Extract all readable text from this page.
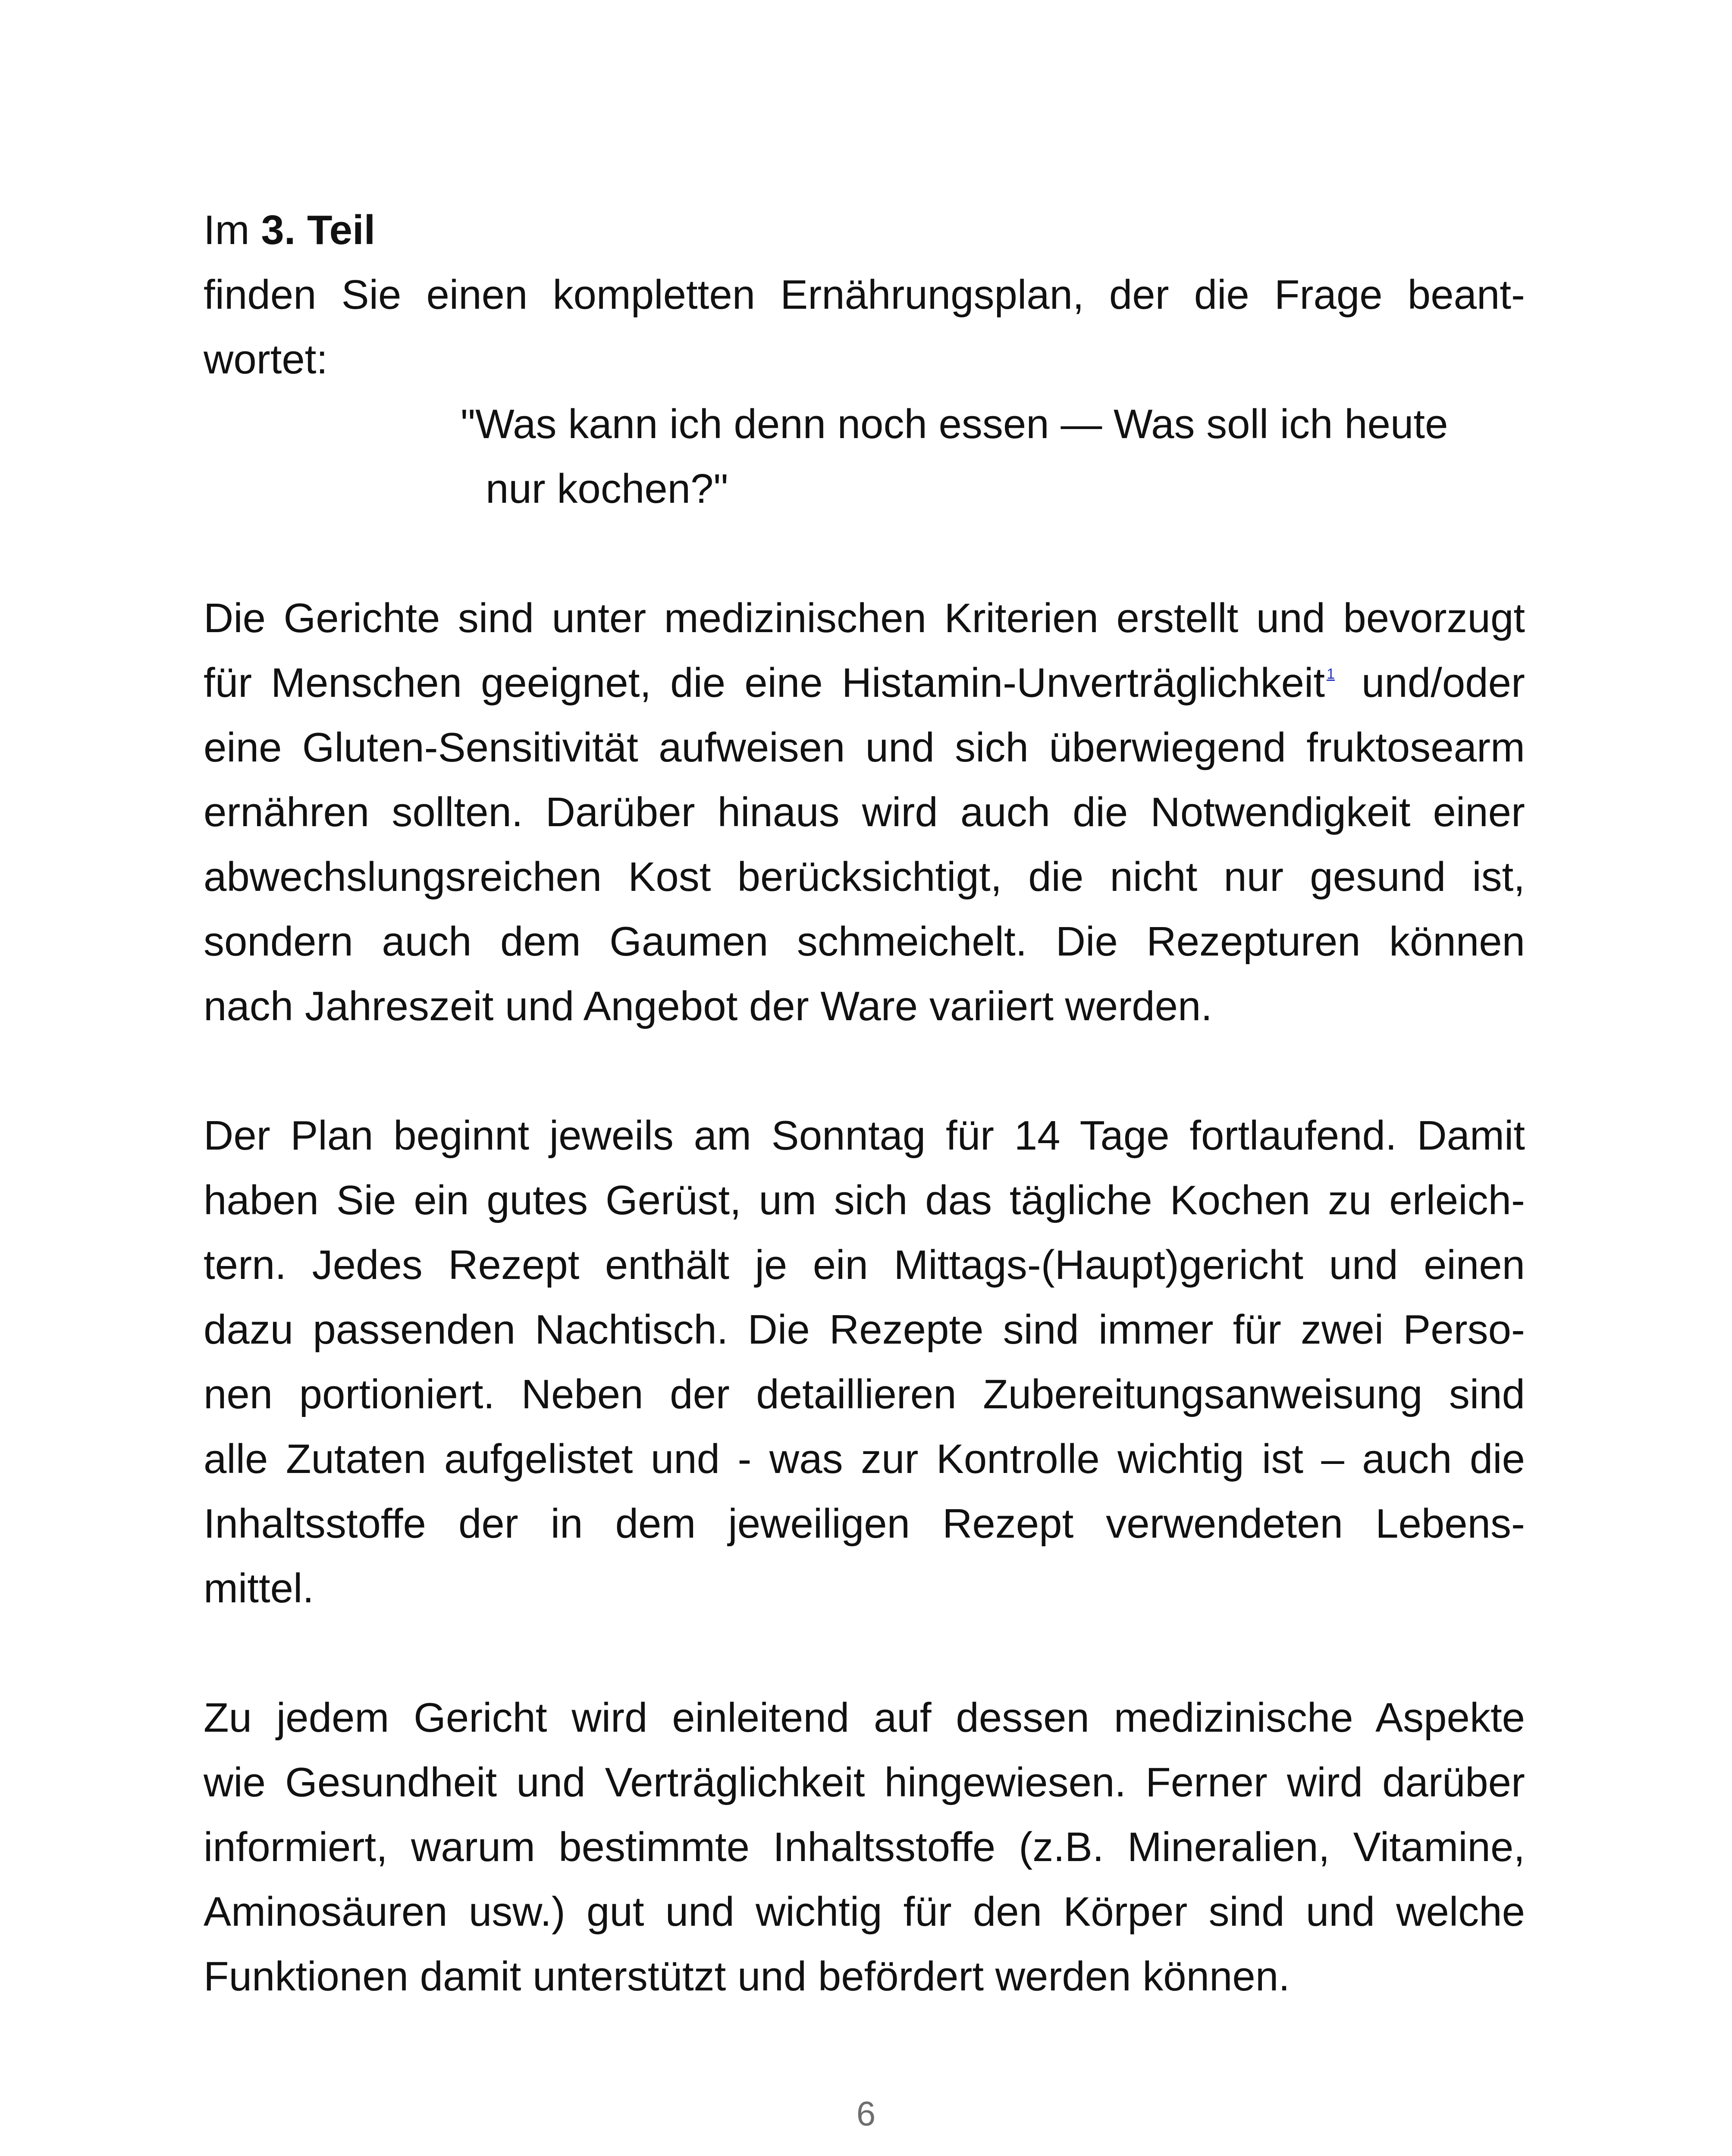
Im 3. Teil
finden Sie einen kompletten Ernährungsplan, der die Frage beant-
wortet:
"Was kann ich denn noch essen — Was soll ich heute
nur kochen?"
Die Gerichte sind unter medizinischen Kriterien erstellt und bevorzugt
für Menschen geeignet, die eine Histamin-Unverträglichkeit $^1$ und/oder
eine Gluten-Sensitivität aufweisen und sich überwiegend fruktosearm
ernähren sollten. Darüber hinaus wird auch die Notwendigkeit einer
abwechslungsreichen Kost berücksichtigt, die nicht nur gesund ist,
sondern auch dem Gaumen schmeichelt. Die Rezepturen können
nach Jahreszeit und Angebot der Ware variiert werden.
Der Plan beginnt jeweils am Sonntag für 14 Tage fortlaufend. Damit
haben Sie ein gutes Gerüst, um sich das tägliche Kochen zu erleich-
tern. Jedes Rezept enthält je ein Mittags-(Haupt)gericht und einen
dazu passenden Nachtisch. Die Rezepte sind immer für zwei Perso-
nen portioniert. Neben der detaillieren Zubereitungsanweisung sind
alle Zutaten aufgelistet und - was zur Kontrolle wichtig ist – auch die
Inhaltsstoffe der in dem jeweiligen Rezept verwendeten Lebens-
mittel.
Zu jedem Gericht wird einleitend auf dessen medizinische Aspekte
wie Gesundheit und Verträglichkeit hingewiesen. Ferner wird darüber
informiert, warum bestimmte Inhaltsstoffe (z.B. Mineralien, Vitamine,
Aminosäuren usw.) gut und wichtig für den Körper sind und welche
Funktionen damit unterstützt und befördert werden können.
6
